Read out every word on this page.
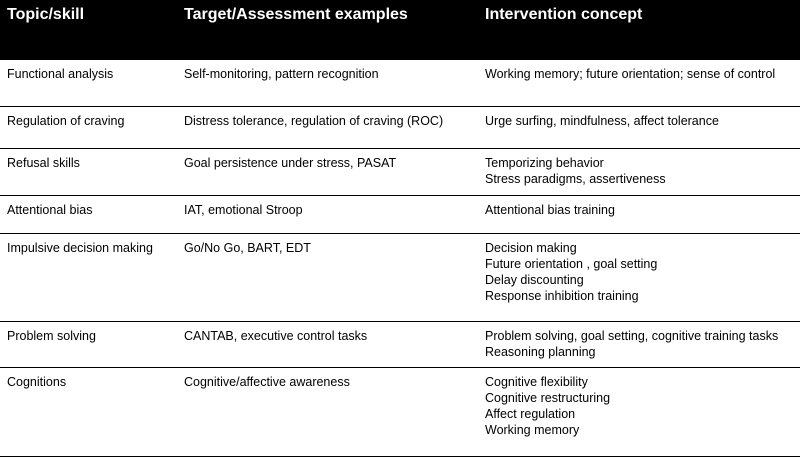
Topic/skill	Target/Assessment examples	Intervention concept
Functional analysis	Self-monitoring, pattern recognition	Working memory; future orientation; sense of control

Regulation of craving	Distress tolerance, regulation of craving (ROC)	Urge surfing, mindfulness, affect tolerance

Refusal skills	Goal persistence under stress, PASAT	Temporizing behavior
Stress paradigms, assertiveness

Attentional bias	IAT, emotional Stroop	Attentional bias training

Impulsive decision making	Go/No Go, BART, EDT	Decision making
Future orientation , goal setting
Delay discounting
Response inhibition training

Problem solving	CANTAB, executive control tasks	Problem solving, goal setting, cognitive training tasks
Reasoning planning

Cognitions	Cognitive/affective awareness	Cognitive flexibility
Cognitive restructuring
Affect regulation
Working memory
